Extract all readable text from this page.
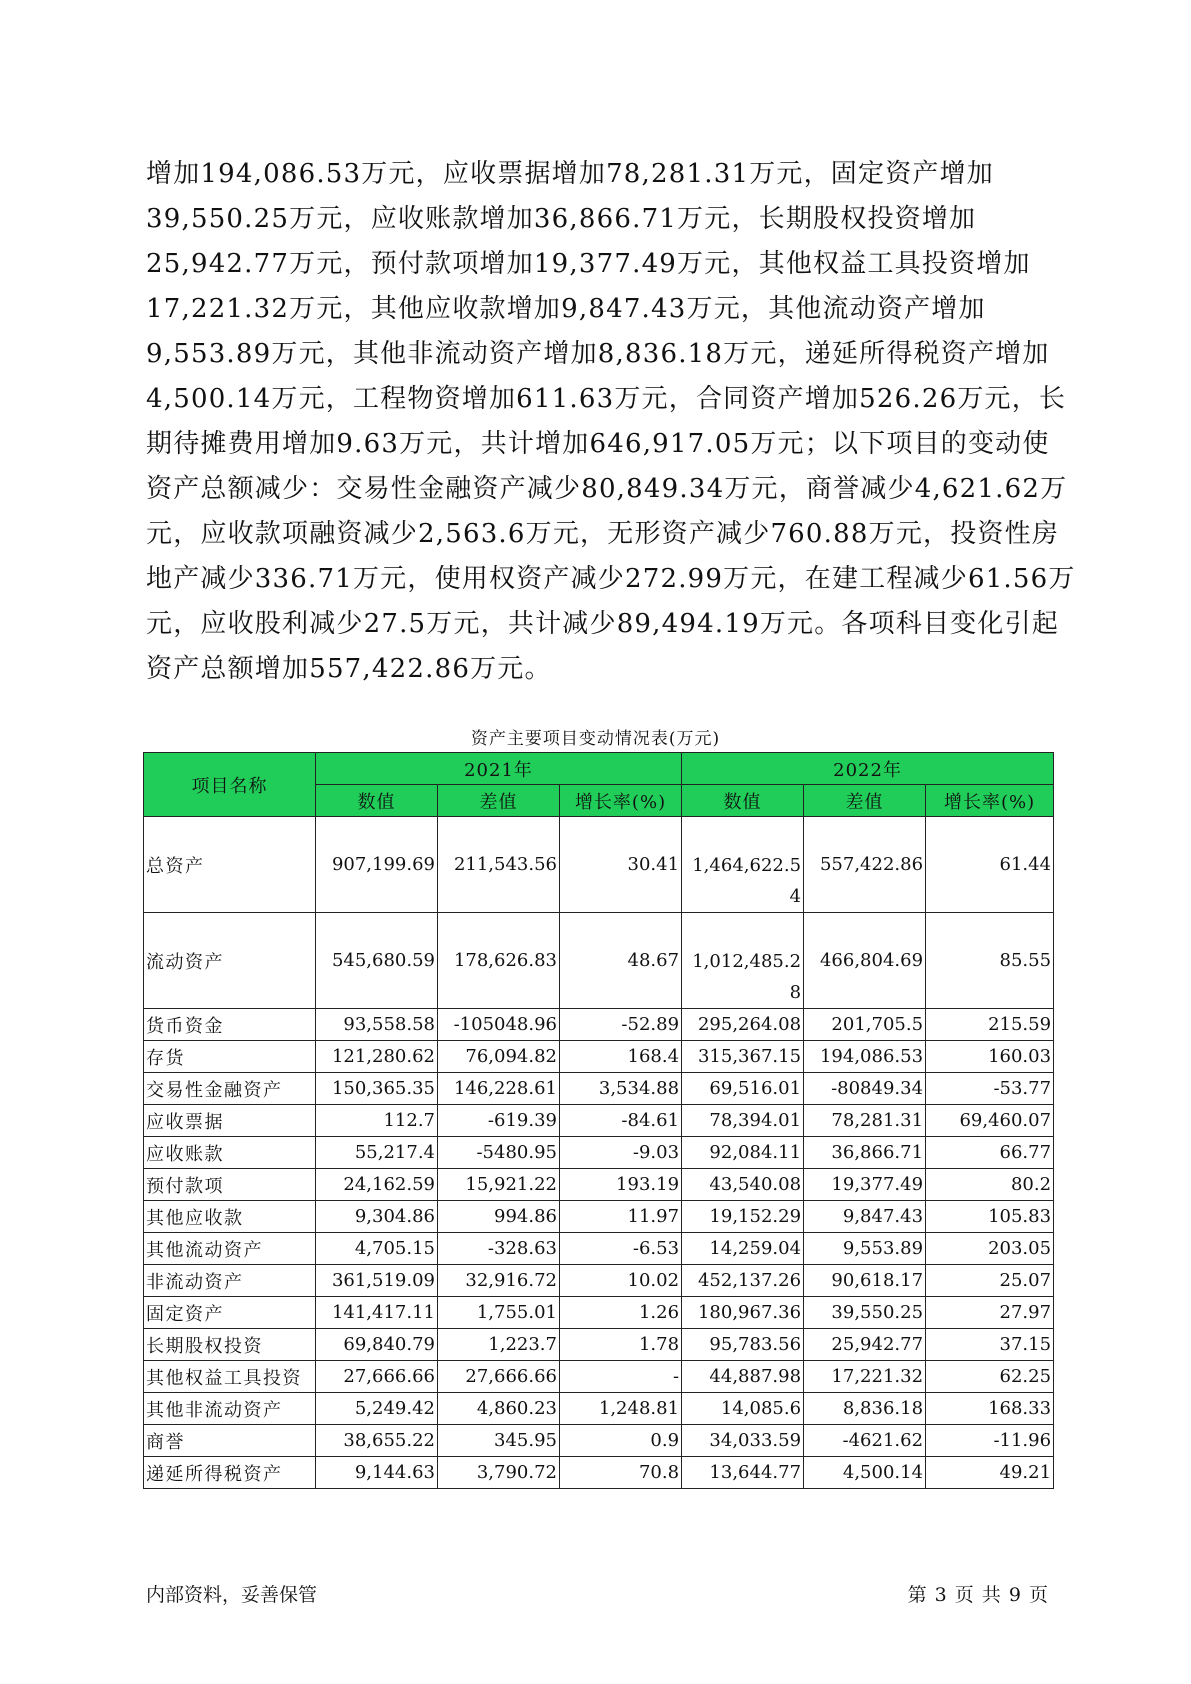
增加194,086.53万元，应收票据增加78,281.31万元，固定资产增加
39,550.25万元，应收账款增加36,866.71万元，长期股权投资增加
25,942.77万元，预付款项增加19,377.49万元，其他权益工具投资增加
17,221.32万元，其他应收款增加9,847.43万元，其他流动资产增加
9,553.89万元，其他非流动资产增加8,836.18万元，递延所得税资产增加
4,500.14万元，工程物资增加611.63万元，合同资产增加526.26万元，长
期待摊费用增加9.63万元，共计增加646,917.05万元；以下项目的变动使
资产总额减少：交易性金融资产减少80,849.34万元，商誉减少4,621.62万
元，应收款项融资减少2,563.6万元，无形资产减少760.88万元，投资性房
地产减少336.71万元，使用权资产减少272.99万元，在建工程减少61.56万
元，应收股利减少27.5万元，共计减少89,494.19万元。各项科目变化引起
资产总额增加557,422.86万元。
资产主要项目变动情况表(万元)
项目名称	2021年			2022年		
	数值	差值	增长率(%)	数值	差值	增长率(%)
总资产	907,199.69	211,543.56	30.41	1,464,622.54	557,422.86	61.44
流动资产	545,680.59	178,626.83	48.67	1,012,485.28	466,804.69	85.55
货币资金	93,558.58	-105048.96	-52.89	295,264.08	201,705.5	215.59
存货	121,280.62	76,094.82	168.4	315,367.15	194,086.53	160.03
交易性金融资产	150,365.35	146,228.61	3,534.88	69,516.01	-80849.34	-53.77
应收票据	112.7	-619.39	-84.61	78,394.01	78,281.31	69,460.07
应收账款	55,217.4	-5480.95	-9.03	92,084.11	36,866.71	66.77
预付款项	24,162.59	15,921.22	193.19	43,540.08	19,377.49	80.2
其他应收款	9,304.86	994.86	11.97	19,152.29	9,847.43	105.83
其他流动资产	4,705.15	-328.63	-6.53	14,259.04	9,553.89	203.05
非流动资产	361,519.09	32,916.72	10.02	452,137.26	90,618.17	25.07
固定资产	141,417.11	1,755.01	1.26	180,967.36	39,550.25	27.97
长期股权投资	69,840.79	1,223.7	1.78	95,783.56	25,942.77	37.15
其他权益工具投资	27,666.66	27,666.66	-	44,887.98	17,221.32	62.25
其他非流动资产	5,249.42	4,860.23	1,248.81	14,085.6	8,836.18	168.33
商誉	38,655.22	345.95	0.9	34,033.59	-4621.62	-11.96
递延所得税资产	9,144.63	3,790.72	70.8	13,644.77	4,500.14	49.21
内部资料，妥善保管	第 3 页 共 9 页
